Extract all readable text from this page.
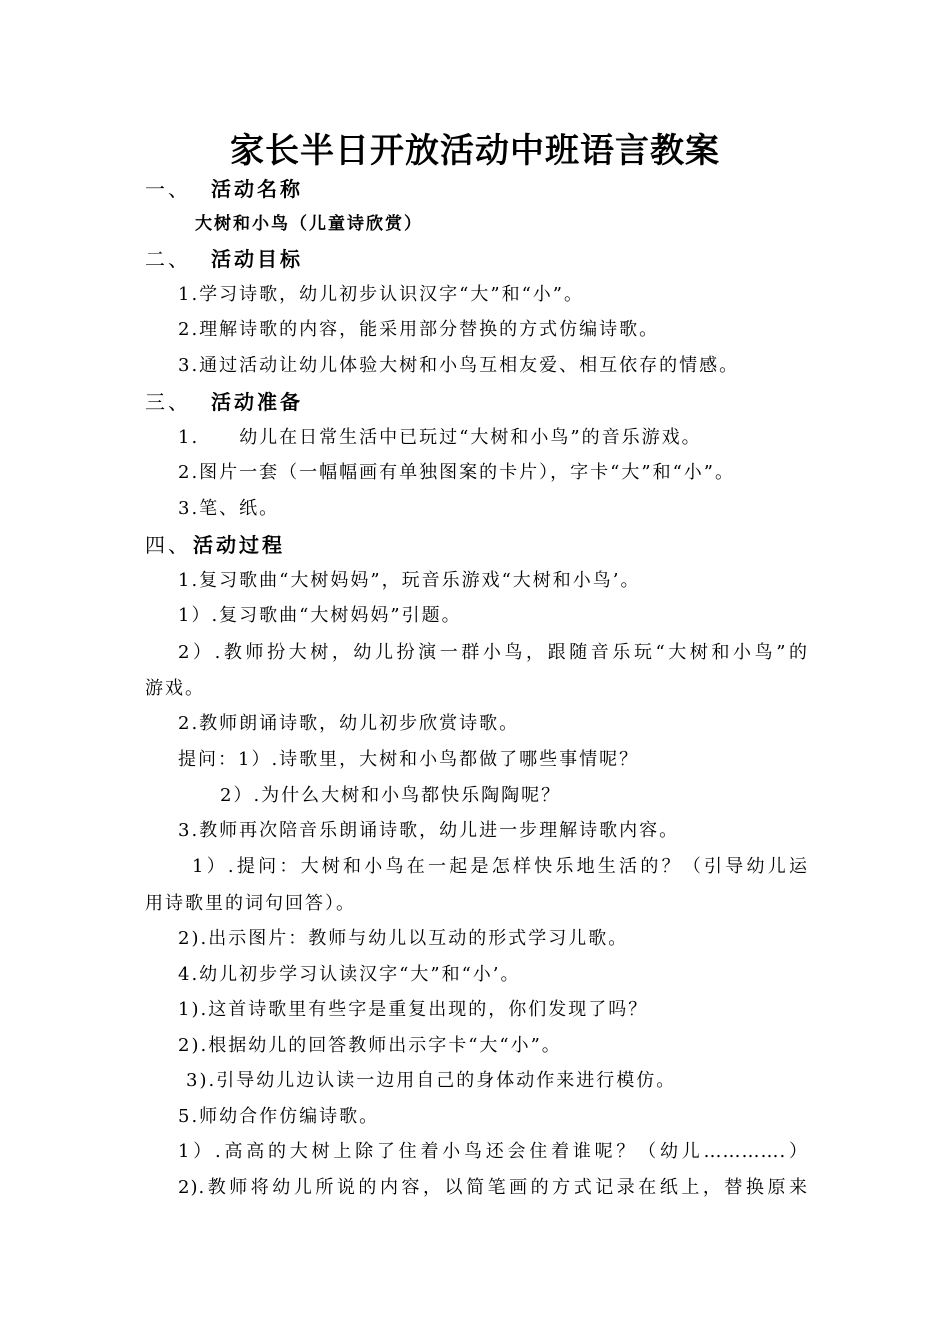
家长半日开放活动中班语言教案
一、 活动名称
大树和小鸟（儿童诗欣赏）
二、 活动目标
1.学习诗歌，幼儿初步认识汉字“大”和“小”。
2.理解诗歌的内容，能采用部分替换的方式仿编诗歌。
3.通过活动让幼儿体验大树和小鸟互相友爱、相互依存的情感。
三、 活动准备
1. 幼儿在日常生活中已玩过“大树和小鸟”的音乐游戏。
2.图片一套（一幅幅画有单独图案的卡片），字卡“大”和“小”。
3.笔、纸。
四、 活动过程
1.复习歌曲“大树妈妈”，玩音乐游戏“大树和小鸟’。
1）.复习歌曲“大树妈妈”引题。
2）.教师扮大树，幼儿扮演一群小鸟，跟随音乐玩“大树和小鸟”的
游戏。
2.教师朗诵诗歌，幼儿初步欣赏诗歌。
提问：1）.诗歌里，大树和小鸟都做了哪些事情呢？
2）.为什么大树和小鸟都快乐陶陶呢？
3.教师再次陪音乐朗诵诗歌，幼儿进一步理解诗歌内容。
1）.提问：大树和小鸟在一起是怎样快乐地生活的？（引导幼儿运
用诗歌里的词句回答）。
2).出示图片：教师与幼儿以互动的形式学习儿歌。
4.幼儿初步学习认读汉字“大”和“小’。
1).这首诗歌里有些字是重复出现的，你们发现了吗？
2).根据幼儿的回答教师出示字卡“大“小”。
3).引导幼儿边认读一边用自己的身体动作来进行模仿。
5.师幼合作仿编诗歌。
1）.高高的大树上除了住着小鸟还会住着谁呢？（幼儿………….）
2).教师将幼儿所说的内容，以简笔画的方式记录在纸上，替换原来
